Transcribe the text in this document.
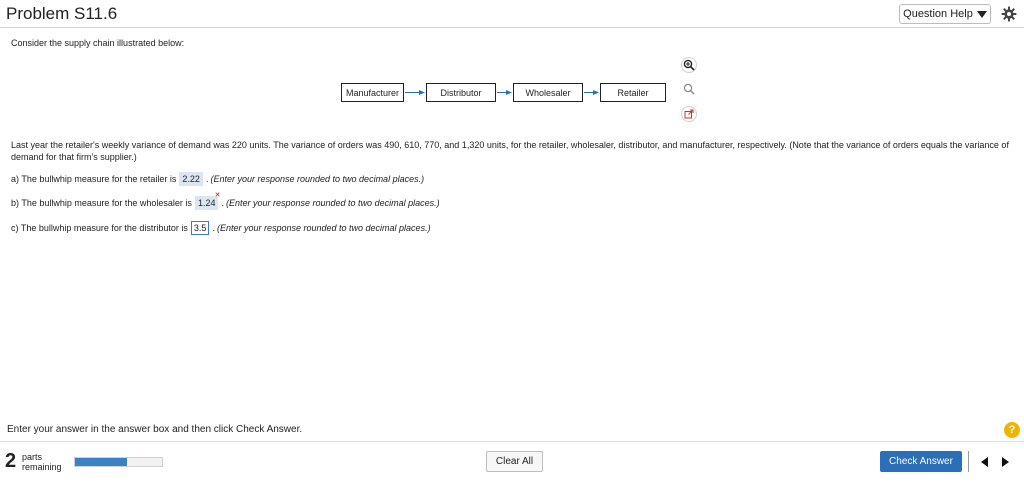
Problem S11.6	Question Help
Consider the supply chain illustrated below:
Manufacturer	Distributor	Wholesaler	Retailer
Last year the retailer's weekly variance of demand was 220 units. The variance of orders was 490, 610, 770, and 1,320 units, for the retailer, wholesaler, distributor, and manufacturer, respectively. (Note that the variance of orders equals the variance of demand for that firm's supplier.)
a) The bullwhip measure for the retailer is 2.22 . (Enter your response rounded to two decimal places.)
b) The bullwhip measure for the wholesaler is 1.24
✕
. (Enter your response rounded to two decimal places.)
c) The bullwhip measure for the distributor is 3.5 . (Enter your response rounded to two decimal places.)
Enter your answer in the answer box and then click Check Answer.	?
2 parts
remaining	Clear All	Check Answer
